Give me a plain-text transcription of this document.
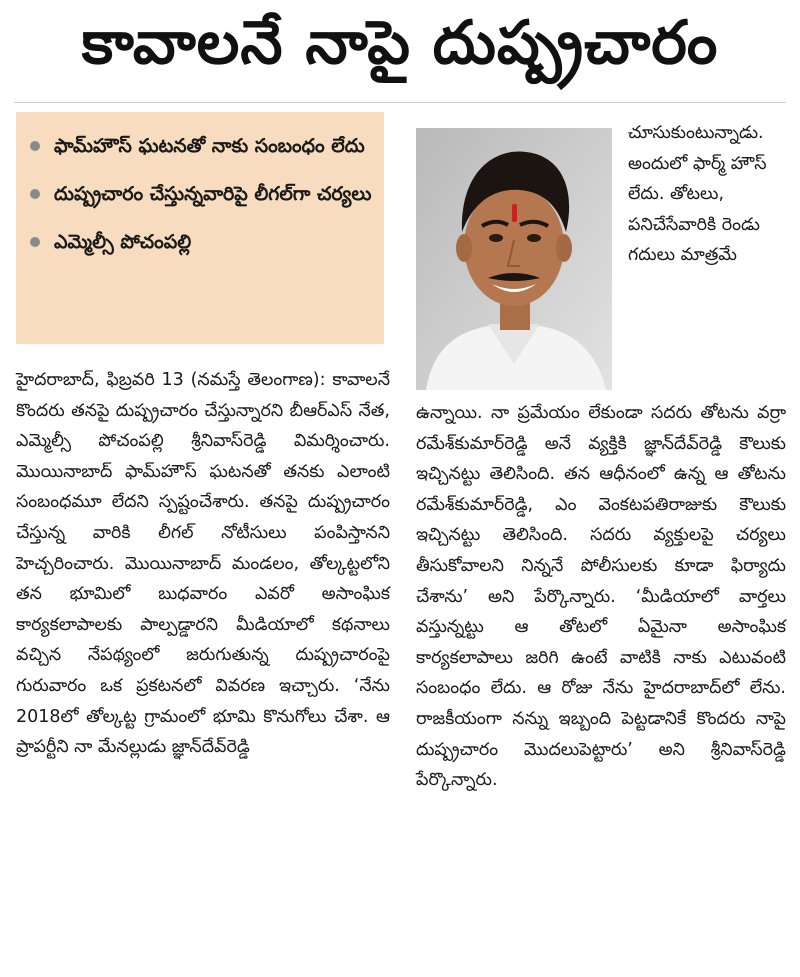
కావాలనే నాపై దుష్ప్రచారం
ఫామ్‌హౌస్ ఘటనతో నాకు సంబంధం లేదు
దుష్ప్రచారం చేస్తున్నవారిపై లీగల్‌గా చర్యలు
ఎమ్మెల్సీ పోచంపల్లి

చూసుకుంటున్నాడు. అందులో ఫార్మ్ హౌస్ లేదు. తోటలు, పనిచేసేవారికి రెండు గదులు మాత్రమే

హైదరాబాద్, ఫిబ్రవరి 13 (నమస్తే తెలంగాణ): కావాలనే కొందరు తనపై దుష్ప్రచారం చేస్తున్నారని బీఆర్‌ఎస్ నేత, ఎమ్మెల్సీ పోచంపల్లి శ్రీనివాస్‌రెడ్డి విమర్శించారు. మొయినాబాద్ ఫామ్‌హౌస్ ఘటనతో తనకు ఎలాంటి సంబంధమూ లేదని స్పష్టంచేశారు. తనపై దుష్ప్రచారం చేస్తున్న వారికి లీగల్ నోటీసులు పంపిస్తానని హెచ్చరించారు. మొయినాబాద్ మండలం, తోల్కట్టలోని తన భూమిలో బుధవారం ఎవరో అసాంఘిక కార్యకలాపాలకు పాల్పడ్డారని మీడియాలో కథనాలు వచ్చిన నేపథ్యంలో జరుగుతున్న దుష్ప్రచారంపై గురువారం ఒక ప్రకటనలో వివరణ ఇచ్చారు. ‘నేను 2018లో తోల్కట్ట గ్రామంలో భూమి కొనుగోలు చేశా. ఆ ప్రాపర్టీని నా మేనల్లుడు జ్ఞాన్‌దేవ్‌రెడ్డి

ఉన్నాయి. నా ప్రమేయం లేకుండా సదరు తోటను వర్రా రమేశ్‌కుమార్‌రెడ్డి అనే వ్యక్తికి జ్ఞాన్‌దేవ్‌రెడ్డి కౌలుకు ఇచ్చినట్టు తెలిసింది. తన ఆధీనంలో ఉన్న ఆ తోటను రమేశ్‌కుమార్‌రెడ్డి, ఎం వెంకటపతిరాజుకు కౌలుకు ఇచ్చినట్టు తెలిసింది. సదరు వ్యక్తులపై చర్యలు తీసుకోవాలని నిన్ననే పోలీసులకు కూడా ఫిర్యాదు చేశాను’ అని పేర్కొన్నారు. ‘మీడియాలో వార్తలు వస్తున్నట్టు ఆ తోటలో ఏమైనా అసాంఘిక కార్యకలాపాలు జరిగి ఉంటే వాటికి నాకు ఎటువంటి సంబంధం లేదు. ఆ రోజు నేను హైదరాబాద్‌లో లేను. రాజకీయంగా నన్ను ఇబ్బంది పెట్టడానికే కొందరు నాపై దుష్ప్రచారం మొదలుపెట్టారు’ అని శ్రీనివాస్‌రెడ్డి పేర్కొన్నారు.
